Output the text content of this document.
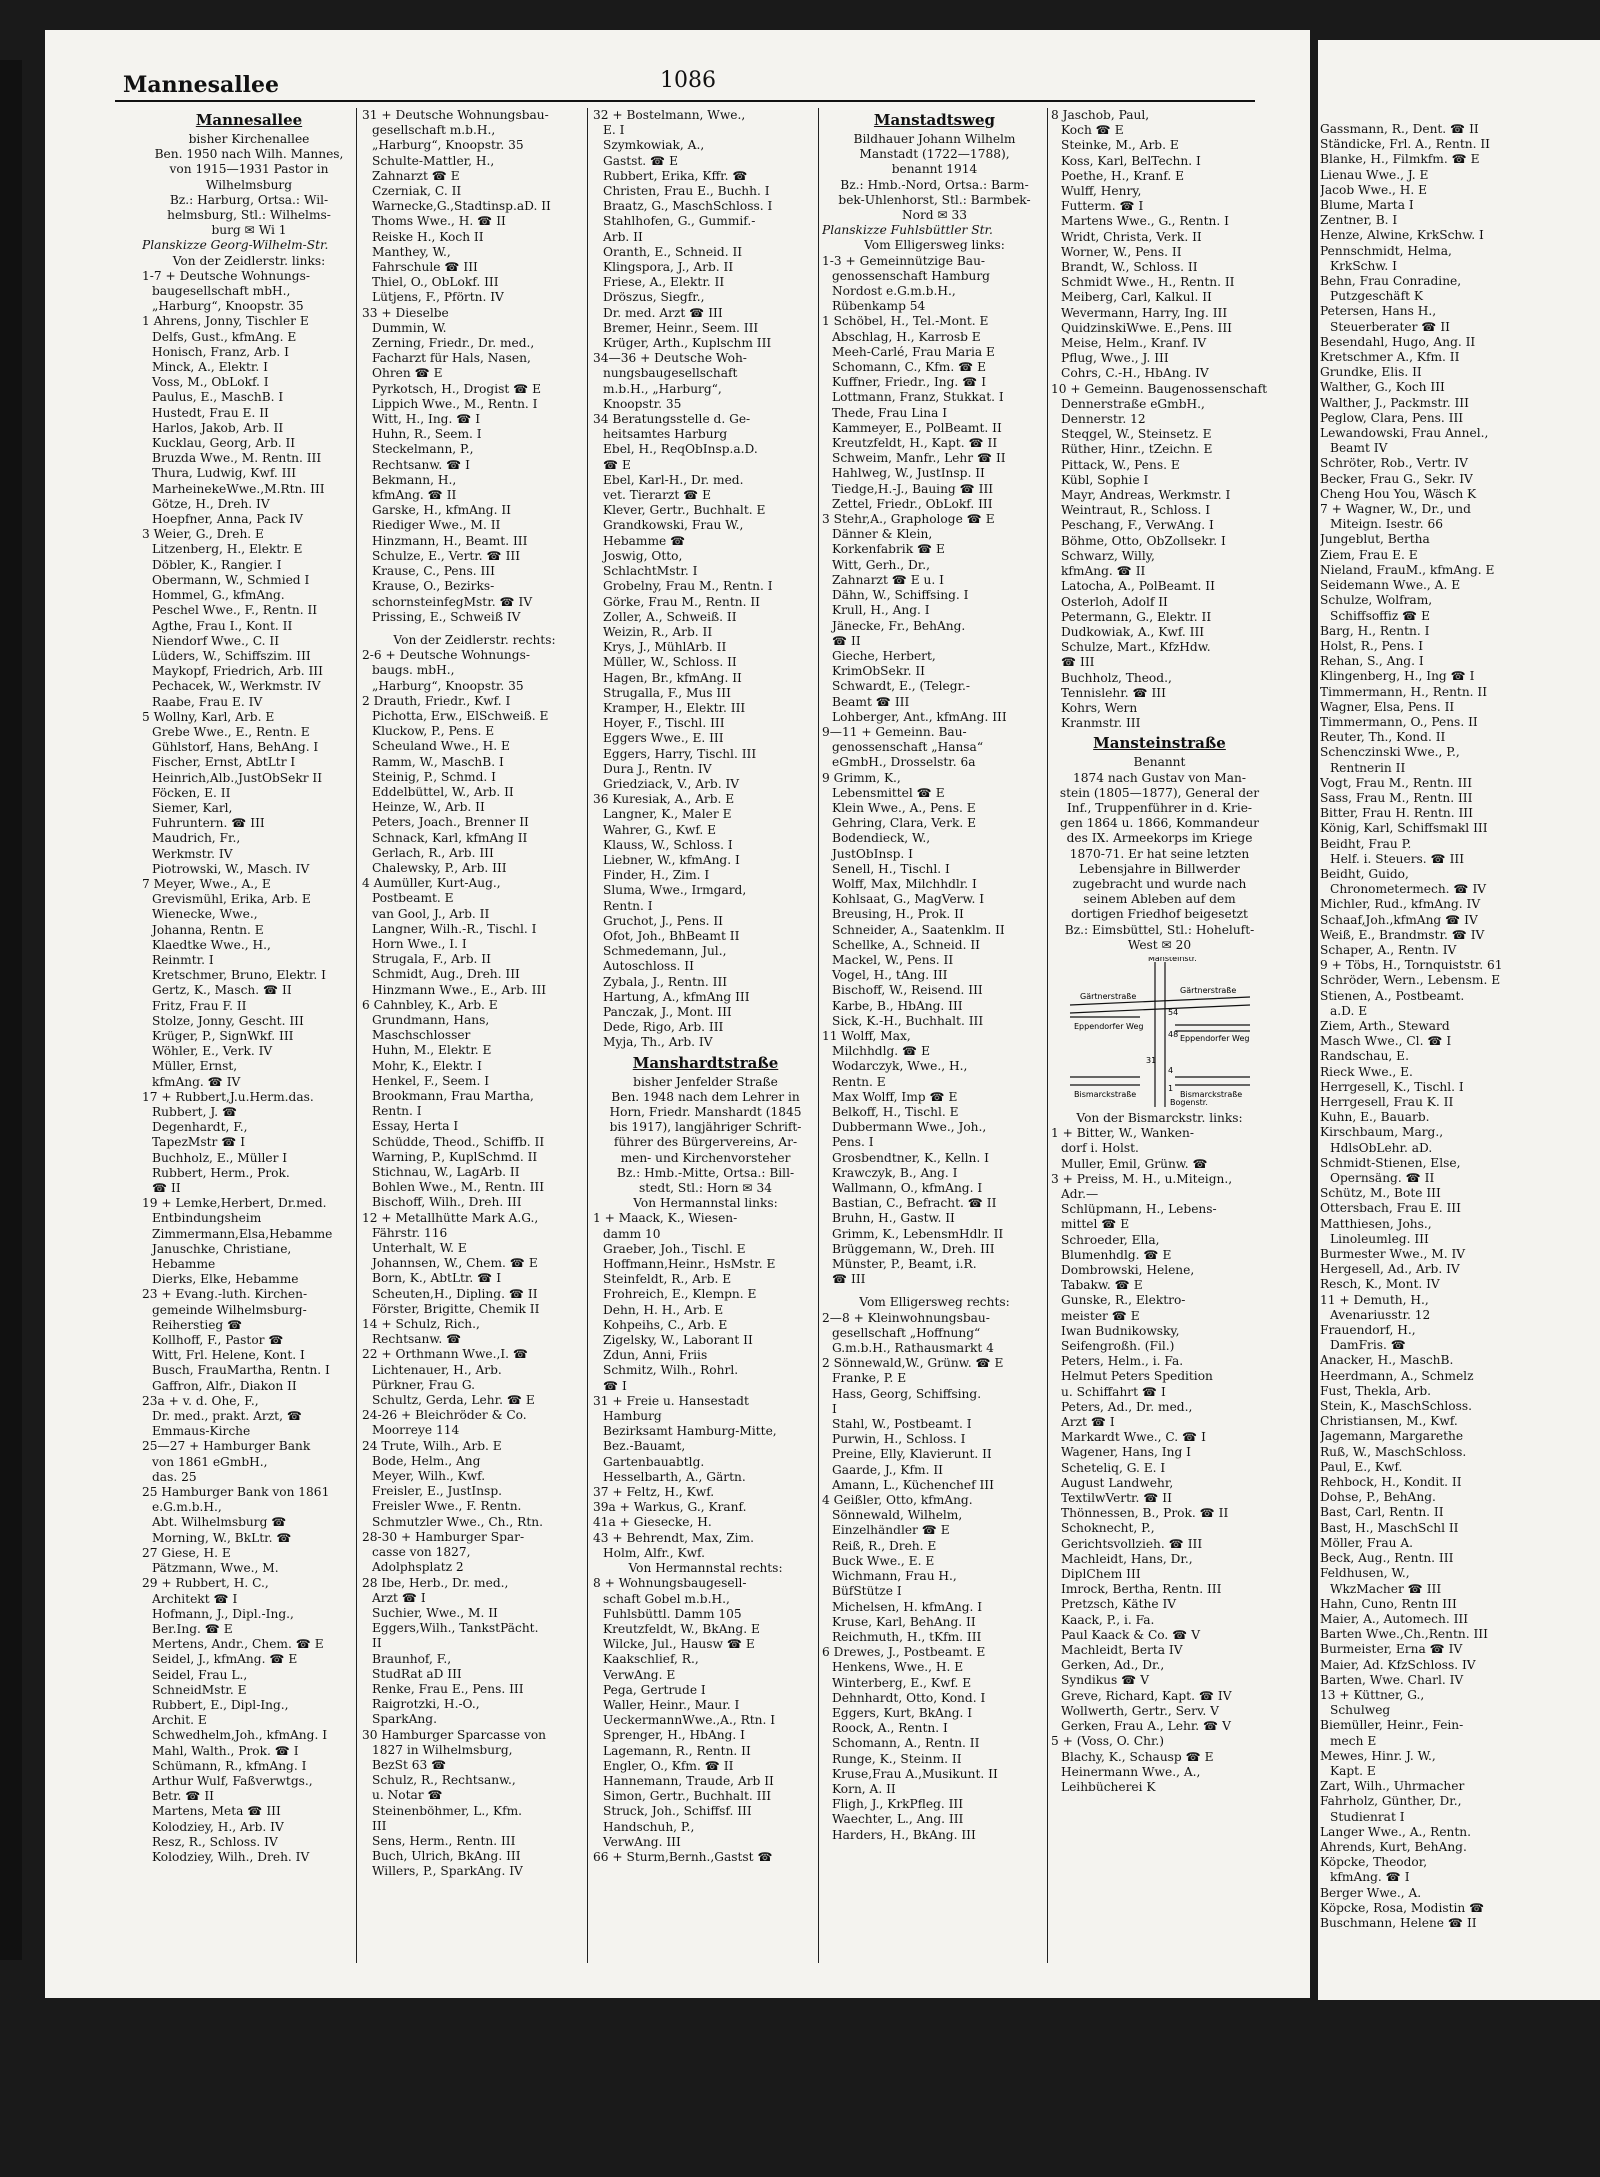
Mannesallee	1086
Mannesallee
bisher Kirchenallee
Ben. 1950 nach Wilh. Mannes,
von 1915—1931 Pastor in
Wilhelmsburg
Bz.: Harburg, Ortsa.: Wil-
helmsburg, Stl.: Wilhelms-
burg ✉ Wi 1
Planskizze Georg-Wilhelm-Str.
Von der Zeidlerstr. links:
1-7 + Deutsche Wohnungs-
baugesellschaft mbH.,
„Harburg“, Knoopstr. 35
1 Ahrens, Jonny, Tischler E
Delfs, Gust., kfmAng. E
Honisch, Franz, Arb. I
Minck, A., Elektr. I
Voss, M., ObLokf. I
Paulus, E., MaschB. I
Hustedt, Frau E. II
Harlos, Jakob, Arb. II
Kucklau, Georg, Arb. II
Bruzda Wwe., M. Rentn. III
Thura, Ludwig, Kwf. III
MarheinekeWwe.,M.Rtn. III
Götze, H., Dreh. IV
Hoepfner, Anna, Pack IV
3 Weier, G., Dreh. E
Litzenberg, H., Elektr. E
Döbler, K., Rangier. I
Obermann, W., Schmied I
Hommel, G., kfmAng.
Peschel Wwe., F., Rentn. II
Agthe, Frau I., Kont. II
Niendorf Wwe., C. II
Lüders, W., Schiffszim. III
Maykopf, Friedrich, Arb. III
Pechacek, W., Werkmstr. IV
Raabe, Frau E. IV
5 Wollny, Karl, Arb. E
Grebe Wwe., E., Rentn. E
Gühlstorf, Hans, BehAng. I
Fischer, Ernst, AbtLtr I
Heinrich,Alb.,JustObSekr II
Föcken, E. II
Siemer, Karl,
Fuhruntern. ☎ III
Maudrich, Fr.,
Werkmstr. IV
Piotrowski, W., Masch. IV
7 Meyer, Wwe., A., E
Grevismühl, Erika, Arb. E
Wienecke, Wwe.,
Johanna, Rentn. E
Klaedtke Wwe., H.,
Reinmtr. I
Kretschmer, Bruno, Elektr. I
Gertz, K., Masch. ☎ II
Fritz, Frau F. II
Stolze, Jonny, Gescht. III
Krüger, P., SignWkf. III
Wöhler, E., Verk. IV
Müller, Ernst,
kfmAng. ☎ IV
17 + Rubbert,J.u.Herm.das.
Rubbert, J. ☎
Degenhardt, F.,
TapezMstr ☎ I
Buchholz, E., Müller I
Rubbert, Herm., Prok.
☎ II
19 + Lemke,Herbert, Dr.med.
Entbindungsheim
Zimmermann,Elsa,Hebamme
Januschke, Christiane,
Hebamme
Dierks, Elke, Hebamme
23 + Evang.-luth. Kirchen-
gemeinde Wilhelmsburg-
Reiherstieg ☎
Kollhoff, F., Pastor ☎
Witt, Frl. Helene, Kont. I
Busch, FrauMartha, Rentn. I
Gaffron, Alfr., Diakon II
23a + v. d. Ohe, F.,
Dr. med., prakt. Arzt, ☎
Emmaus-Kirche
25—27 + Hamburger Bank
von 1861 eGmbH.,
das. 25
25 Hamburger Bank von 1861
e.G.m.b.H.,
Abt. Wilhelmsburg ☎
Morning, W., BkLtr. ☎
27 Giese, H. E
Pätzmann, Wwe., M.
29 + Rubbert, H. C.,
Architekt ☎ I
Hofmann, J., Dipl.-Ing.,
Ber.Ing. ☎ E
Mertens, Andr., Chem. ☎ E
Seidel, J., kfmAng. ☎ E
Seidel, Frau L.,
SchneidMstr. E
Rubbert, E., Dipl-Ing.,
Archit. E
Schwedhelm,Joh., kfmAng. I
Mahl, Walth., Prok. ☎ I
Schümann, R., kfmAng. I
Arthur Wulf, Faßverwtgs.,
Betr. ☎ II
Martens, Meta ☎ III
Kolodziey, H., Arb. IV
Resz, R., Schloss. IV
Kolodziey, Wilh., Dreh. IV
31 + Deutsche Wohnungsbau-
gesellschaft m.b.H.,
„Harburg“, Knoopstr. 35
Schulte-Mattler, H.,
Zahnarzt ☎ E
Czerniak, C. II
Warnecke,G.,Stadtinsp.aD. II
Thoms Wwe., H. ☎ II
Reiske H., Koch II
Manthey, W.,
Fahrschule ☎ III
Thiel, O., ObLokf. III
Lütjens, F., Pförtn. IV
33 + Dieselbe
Dummin, W.
Zerning, Friedr., Dr. med.,
Facharzt für Hals, Nasen,
Ohren ☎ E
Pyrkotsch, H., Drogist ☎ E
Lippich Wwe., M., Rentn. I
Witt, H., Ing. ☎ I
Huhn, R., Seem. I
Steckelmann, P.,
Rechtsanw. ☎ I
Bekmann, H.,
kfmAng. ☎ II
Garske, H., kfmAng. II
Riediger Wwe., M. II
Hinzmann, H., Beamt. III
Schulze, E., Vertr. ☎ III
Krause, C., Pens. III
Krause, O., Bezirks-
schornsteinfegMstr. ☎ IV
Prissing, E., Schweiß IV
Von der Zeidlerstr. rechts:
2-6 + Deutsche Wohnungs-
baugs. mbH.,
„Harburg“, Knoopstr. 35
2 Drauth, Friedr., Kwf. I
Pichotta, Erw., ElSchweiß. E
Kluckow, P., Pens. E
Scheuland Wwe., H. E
Ramm, W., MaschB. I
Steinig, P., Schmd. I
Eddelbüttel, W., Arb. II
Heinze, W., Arb. II
Peters, Joach., Brenner II
Schnack, Karl, kfmAng II
Gerlach, R., Arb. III
Chalewsky, P., Arb. III
4 Aumüller, Kurt-Aug.,
Postbeamt. E
van Gool, J., Arb. II
Langner, Wilh.-R., Tischl. I
Horn Wwe., I. I
Strugala, F., Arb. II
Schmidt, Aug., Dreh. III
Hinzmann Wwe., E., Arb. III
6 Cahnbley, K., Arb. E
Grundmann, Hans,
Maschschlosser
Huhn, M., Elektr. E
Mohr, K., Elektr. I
Henkel, F., Seem. I
Brookmann, Frau Martha,
Rentn. I
Essay, Herta I
Schüdde, Theod., Schiffb. II
Warning, P., KuplSchmd. II
Stichnau, W., LagArb. II
Bohlen Wwe., M., Rentn. III
Bischoff, Wilh., Dreh. III
12 + Metallhütte Mark A.G.,
Fährstr. 116
Unterhalt, W. E
Johannsen, W., Chem. ☎ E
Born, K., AbtLtr. ☎ I
Scheuten,H., Dipling. ☎ II
Förster, Brigitte, Chemik II
14 + Schulz, Rich.,
Rechtsanw. ☎
22 + Orthmann Wwe.,I. ☎
Lichtenauer, H., Arb.
Pürkner, Frau G.
Schultz, Gerda, Lehr. ☎ E
24-26 + Bleichröder & Co.
Moorreye 114
24 Trute, Wilh., Arb. E
Bode, Helm., Ang
Meyer, Wilh., Kwf.
Freisler, E., JustInsp.
Freisler Wwe., F. Rentn.
Schmutzler Wwe., Ch., Rtn.
28-30 + Hamburger Spar-
casse von 1827,
Adolphsplatz 2
28 Ibe, Herb., Dr. med.,
Arzt ☎ I
Suchier, Wwe., M. II
Eggers,Wilh., TankstPächt.
II
Braunhof, F.,
StudRat aD III
Renke, Frau E., Pens. III
Raigrotzki, H.-O.,
SparkAng.
30 Hamburger Sparcasse von
1827 in Wilhelmsburg,
BezSt 63 ☎
Schulz, R., Rechtsanw.,
u. Notar ☎
Steinenböhmer, L., Kfm.
III
Sens, Herm., Rentn. III
Buch, Ulrich, BkAng. III
Willers, P., SparkAng. IV
32 + Bostelmann, Wwe.,
E. I
Szymkowiak, A.,
Gastst. ☎ E
Rubbert, Erika, Kffr. ☎
Christen, Frau E., Buchh. I
Braatz, G., MaschSchloss. I
Stahlhofen, G., Gummif.-
Arb. II
Oranth, E., Schneid. II
Klingspora, J., Arb. II
Friese, A., Elektr. II
Dröszus, Siegfr.,
Dr. med. Arzt ☎ III
Bremer, Heinr., Seem. III
Krüger, Arth., Kuplschm III
34—36 + Deutsche Woh-
nungsbaugesellschaft
m.b.H., „Harburg“,
Knoopstr. 35
34 Beratungsstelle d. Ge-
heitsamtes Harburg
Ebel, H., ReqObInsp.a.D.
☎ E
Ebel, Karl-H., Dr. med.
vet. Tierarzt ☎ E
Klever, Gertr., Buchhalt. E
Grandkowski, Frau W.,
Hebamme ☎
Joswig, Otto,
SchlachtMstr. I
Grobelny, Frau M., Rentn. I
Görke, Frau M., Rentn. II
Zoller, A., Schweiß. II
Weizin, R., Arb. II
Krys, J., MühlArb. II
Müller, W., Schloss. II
Hagen, Br., kfmAng. II
Strugalla, F., Mus III
Kramper, H., Elektr. III
Hoyer, F., Tischl. III
Eggers Wwe., E. III
Eggers, Harry, Tischl. III
Dura J., Rentn. IV
Griedziack, V., Arb. IV
36 Kuresiak, A., Arb. E
Langner, K., Maler E
Wahrer, G., Kwf. E
Klauss, W., Schloss. I
Liebner, W., kfmAng. I
Finder, H., Zim. I
Sluma, Wwe., Irmgard,
Rentn. I
Gruchot, J., Pens. II
Ofot, Joh., BhBeamt II
Schmedemann, Jul.,
Autoschloss. II
Zybala, J., Rentn. III
Hartung, A., kfmAng III
Panczak, J., Mont. III
Dede, Rigo, Arb. III
Myja, Th., Arb. IV
Manshardtstraße
bisher Jenfelder Straße
Ben. 1948 nach dem Lehrer in
Horn, Friedr. Manshardt (1845
bis 1917), langjähriger Schrift-
führer des Bürgervereins, Ar-
men- und Kirchenvorsteher
Bz.: Hmb.-Mitte, Ortsa.: Bill-
stedt, Stl.: Horn ✉ 34
Von Hermannstal links:
1 + Maack, K., Wiesen-
damm 10
Graeber, Joh., Tischl. E
Hoffmann,Heinr., HsMstr. E
Steinfeldt, R., Arb. E
Frohreich, E., Klempn. E
Dehn, H. H., Arb. E
Kohpeihs, C., Arb. E
Zigelsky, W., Laborant II
Zdun, Anni, Friis
Schmitz, Wilh., Rohrl.
☎ I
31 + Freie u. Hansestadt
Hamburg
Bezirksamt Hamburg-Mitte,
Bez.-Bauamt,
Gartenbauabtlg.
Hesselbarth, A., Gärtn.
37 + Feltz, H., Kwf.
39a + Warkus, G., Kranf.
41a + Giesecke, H.
43 + Behrendt, Max, Zim.
Holm, Alfr., Kwf.
Von Hermannstal rechts:
8 + Wohnungsbaugesell-
schaft Gobel m.b.H.,
Fuhlsbüttl. Damm 105
Kreutzfeldt, W., BkAng. E
Wilcke, Jul., Hausw ☎ E
Kaakschlief, R.,
VerwAng. E
Pega, Gertrude I
Waller, Heinr., Maur. I
UeckermannWwe.,A., Rtn. I
Sprenger, H., HbAng. I
Lagemann, R., Rentn. II
Engler, O., Kfm. ☎ II
Hannemann, Traude, Arb II
Simon, Gertr., Buchhalt. III
Struck, Joh., Schiffsf. III
Handschuh, P.,
VerwAng. III
66 + Sturm,Bernh.,Gastst ☎
Manstadtsweg
Bildhauer Johann Wilhelm
Manstadt (1722—1788),
benannt 1914
Bz.: Hmb.-Nord, Ortsa.: Barm-
bek-Uhlenhorst, Stl.: Barmbek-
Nord ✉ 33
Planskizze Fuhlsbüttler Str.
Vom Elligersweg links:
1-3 + Gemeinnützige Bau-
genossenschaft Hamburg
Nordost e.G.m.b.H.,
Rübenkamp 54
1 Schöbel, H., Tel.-Mont. E
Abschlag, H., Karrosb E
Meeh-Carlé, Frau Maria E
Schomann, C., Kfm. ☎ E
Kuffner, Friedr., Ing. ☎ I
Lottmann, Franz, Stukkat. I
Thede, Frau Lina I
Kammeyer, E., PolBeamt. II
Kreutzfeldt, H., Kapt. ☎ II
Schweim, Manfr., Lehr ☎ II
Hahlweg, W., JustInsp. II
Tiedge,H.-J., Bauing ☎ III
Zettel, Friedr., ObLokf. III
3 Stehr,A., Graphologe ☎ E
Dänner & Klein,
Korkenfabrik ☎ E
Witt, Gerh., Dr.,
Zahnarzt ☎ E u. I
Dähn, W., Schiffsing. I
Krull, H., Ang. I
Jänecke, Fr., BehAng.
☎ II
Gieche, Herbert,
KrimObSekr. II
Schwardt, E., (Telegr.-
Beamt ☎ III
Lohberger, Ant., kfmAng. III
9—11 + Gemeinn. Bau-
genossenschaft „Hansa“
eGmbH., Drosselstr. 6a
9 Grimm, K.,
Lebensmittel ☎ E
Klein Wwe., A., Pens. E
Gehring, Clara, Verk. E
Bodendieck, W.,
JustObInsp. I
Senell, H., Tischl. I
Wolff, Max, Milchhdlr. I
Kohlsaat, G., MagVerw. I
Breusing, H., Prok. II
Schneider, A., Saatenklm. II
Schellke, A., Schneid. II
Mackel, W., Pens. II
Vogel, H., tAng. III
Bischoff, W., Reisend. III
Karbe, B., HbAng. III
Sick, K.-H., Buchhalt. III
11 Wolff, Max,
Milchhdlg. ☎ E
Wodarczyk, Wwe., H.,
Rentn. E
Max Wolff, Imp ☎ E
Belkoff, H., Tischl. E
Dubbermann Wwe., Joh.,
Pens. I
Grosbendtner, K., Kelln. I
Krawczyk, B., Ang. I
Wallmann, O., kfmAng. I
Bastian, C., Befracht. ☎ II
Bruhn, H., Gastw. II
Grimm, K., LebensmHdlr. II
Brüggemann, W., Dreh. III
Münster, P., Beamt, i.R.
☎ III
Vom Elligersweg rechts:
2—8 + Kleinwohnungsbau-
gesellschaft „Hoffnung“
G.m.b.H., Rathausmarkt 4
2 Sönnewald,W., Grünw. ☎ E
Franke, P. E
Hass, Georg, Schiffsing.
I
Stahl, W., Postbeamt. I
Purwin, H., Schloss. I
Preine, Elly, Klavierunt. II
Gaarde, J., Kfm. II
Amann, L., Küchenchef III
4 Geißler, Otto, kfmAng.
Sönnewald, Wilhelm,
Einzelhändler ☎ E
Reiß, R., Dreh. E
Buck Wwe., E. E
Wichmann, Frau H.,
BüfStütze I
Michelsen, H. kfmAng. I
Kruse, Karl, BehAng. II
Reichmuth, H., tKfm. III
6 Drewes, J., Postbeamt. E
Henkens, Wwe., H. E
Winterberg, E., Kwf. E
Dehnhardt, Otto, Kond. I
Eggers, Kurt, BkAng. I
Roock, A., Rentn. I
Schomann, A., Rentn. II
Runge, K., Steinm. II
Kruse,Frau A.,Musikunt. II
Korn, A. II
Fligh, J., KrkPfleg. III
Waechter, L., Ang. III
Harders, H., BkAng. III
8 Jaschob, Paul,
Koch ☎ E
Steinke, M., Arb. E
Koss, Karl, BelTechn. I
Poethe, H., Kranf. E
Wulff, Henry,
Futterm. ☎ I
Martens Wwe., G., Rentn. I
Wridt, Christa, Verk. II
Worner, W., Pens. II
Brandt, W., Schloss. II
Schmidt Wwe., H., Rentn. II
Meiberg, Carl, Kalkul. II
Wevermann, Harry, Ing. III
QuidzinskiWwe. E.,Pens. III
Meise, Helm., Kranf. IV
Pflug, Wwe., J. III
Cohrs, C.-H., HbAng. IV
10 + Gemeinn. Baugenossenschaft
Dennerstraße eGmbH.,
Dennerstr. 12
Steqgel, W., Steinsetz. E
Rüther, Hinr., tZeichn. E
Pittack, W., Pens. E
Kübl, Sophie I
Mayr, Andreas, Werkmstr. I
Weintraut, R., Schloss. I
Peschang, F., VerwAng. I
Böhme, Otto, ObZollsekr. I
Schwarz, Willy,
kfmAng. ☎ II
Latocha, A., PolBeamt. II
Osterloh, Adolf II
Petermann, G., Elektr. II
Dudkowiak, A., Kwf. III
Schulze, Mart., KfzHdw.
☎ III
Buchholz, Theod.,
Tennislehr. ☎ III
Kohrs, Wern
Kranmstr. III
Mansteinstraße
Benannt
1874 nach Gustav von Man-
stein (1805—1877), General der
Inf., Truppenführer in d. Krie-
gen 1864 u. 1866, Kommandeur
des IX. Armeekorps im Kriege
1870-71. Er hat seine letzten
Lebensjahre in Billwerder
zugebracht und wurde nach
seinem Ableben auf dem
dortigen Friedhof beigesetzt
Bz.: Eimsbüttel, Stl.: Hoheluft-
West ✉ 20
Gärtnerstraße
Gärtnerstraße
Eppendorfer Weg
Eppendorfer Weg
Bismarckstraße	Bismarckstraße
Mansteinstr.
Bogenstr.
54
48
31
4
1
Von der Bismarckstr. links:
1 + Bitter, W., Wanken-
dorf i. Holst.
Muller, Emil, Grünw. ☎
3 + Preiss, M. H., u.Miteign.,
Adr.—
Schlüpmann, H., Lebens-
mittel ☎ E
Schroeder, Ella,
Blumenhdlg. ☎ E
Dombrowski, Helene,
Tabakw. ☎ E
Gunske, R., Elektro-
meister ☎ E
Iwan Budnikowsky,
Seifengroßh. (Fil.)
Peters, Helm., i. Fa.
Helmut Peters Spedition
u. Schiffahrt ☎ I
Peters, Ad., Dr. med.,
Arzt ☎ I
Markardt Wwe., C. ☎ I
Wagener, Hans, Ing I
Scheteliq, G. E. I
August Landwehr,
TextilwVertr. ☎ II
Thönnessen, B., Prok. ☎ II
Schoknecht, P.,
Gerichtsvollzieh. ☎ III
Machleidt, Hans, Dr.,
DiplChem III
Imrock, Bertha, Rentn. III
Pretzsch, Käthe IV
Kaack, P., i. Fa.
Paul Kaack & Co. ☎ V
Machleidt, Berta IV
Gerken, Ad., Dr.,
Syndikus ☎ V
Greve, Richard, Kapt. ☎ IV
Wollwerth, Gertr., Serv. V
Gerken, Frau A., Lehr. ☎ V
5 + (Voss, O. Chr.)
Blachy, K., Schausp ☎ E
Heinermann Wwe., A.,
Leihbücherei K
Gassmann, R., Dent. ☎ II
Ständicke, Frl. A., Rentn. II
Blanke, H., Filmkfm. ☎ E
Lienau Wwe., J. E
Jacob Wwe., H. E
Blume, Marta I
Zentner, B. I
Henze, Alwine, KrkSchw. I
Pennschmidt, Helma,
KrkSchw. I
Behn, Frau Conradine,
Putzgeschäft K
Petersen, Hans H.,
Steuerberater ☎ II
Besendahl, Hugo, Ang. II
Kretschmer A., Kfm. II
Grundke, Elis. II
Walther, G., Koch III
Walther, J., Packmstr. III
Peglow, Clara, Pens. III
Lewandowski, Frau Annel.,
Beamt IV
Schröter, Rob., Vertr. IV
Becker, Frau G., Sekr. IV
Cheng Hou You, Wäsch K
7 + Wagner, W., Dr., und
Miteign. Isestr. 66
Jungeblut, Bertha
Ziem, Frau E. E
Nieland, FrauM., kfmAng. E
Seidemann Wwe., A. E
Schulze, Wolfram,
Schiffsoffiz ☎ E
Barg, H., Rentn. I
Holst, R., Pens. I
Rehan, S., Ang. I
Klingenberg, H., Ing ☎ I
Timmermann, H., Rentn. II
Wagner, Elsa, Pens. II
Timmermann, O., Pens. II
Reuter, Th., Kond. II
Schenczinski Wwe., P.,
Rentnerin II
Vogt, Frau M., Rentn. III
Sass, Frau M., Rentn. III
Bitter, Frau H. Rentn. III
König, Karl, Schiffsmakl III
Beidht, Frau P.
Helf. i. Steuers. ☎ III
Beidht, Guido,
Chronometermech. ☎ IV
Michler, Rud., kfmAng. IV
Schaaf,Joh.,kfmAng ☎ IV
Weiß, E., Brandmstr. ☎ IV
Schaper, A., Rentn. IV
9 + Töbs, H., Tornquiststr. 61
Schröder, Wern., Lebensm. E
Stienen, A., Postbeamt.
a.D. E
Ziem, Arth., Steward
Masch Wwe., Cl. ☎ I
Randschau, E.
Rieck Wwe., E.
Herrgesell, K., Tischl. I
Herrgesell, Frau K. II
Kuhn, E., Bauarb.
Kirschbaum, Marg.,
HdlsObLehr. aD.
Schmidt-Stienen, Else,
Opernsäng. ☎ II
Schütz, M., Bote III
Ottersbach, Frau E. III
Matthiesen, Johs.,
Linoleumleg. III
Burmester Wwe., M. IV
Hergesell, Ad., Arb. IV
Resch, K., Mont. IV
11 + Demuth, H.,
Avenariusstr. 12
Frauendorf, H.,
DamFris. ☎
Anacker, H., MaschB.
Heerdmann, A., Schmelz
Fust, Thekla, Arb.
Stein, K., MaschSchloss.
Christiansen, M., Kwf.
Jagemann, Margarethe
Ruß, W., MaschSchloss.
Paul, E., Kwf.
Rehbock, H., Kondit. II
Dohse, P., BehAng.
Bast, Carl, Rentn. II
Bast, H., MaschSchl II
Möller, Frau A.
Beck, Aug., Rentn. III
Feldhusen, W.,
WkzMacher ☎ III
Hahn, Cuno, Rentn III
Maier, A., Automech. III
Barten Wwe.,Ch.,Rentn. III
Burmeister, Erna ☎ IV
Maier, Ad. KfzSchloss. IV
Barten, Wwe. Charl. IV
13 + Küttner, G.,
Schulweg
Biemüller, Heinr., Fein-
mech E
Mewes, Hinr. J. W.,
Kapt. E
Zart, Wilh., Uhrmacher
Fahrholz, Günther, Dr.,
Studienrat I
Langer Wwe., A., Rentn.
Ahrends, Kurt, BehAng.
Köpcke, Theodor,
kfmAng. ☎ I
Berger Wwe., A.
Köpcke, Rosa, Modistin ☎
Buschmann, Helene ☎ II
